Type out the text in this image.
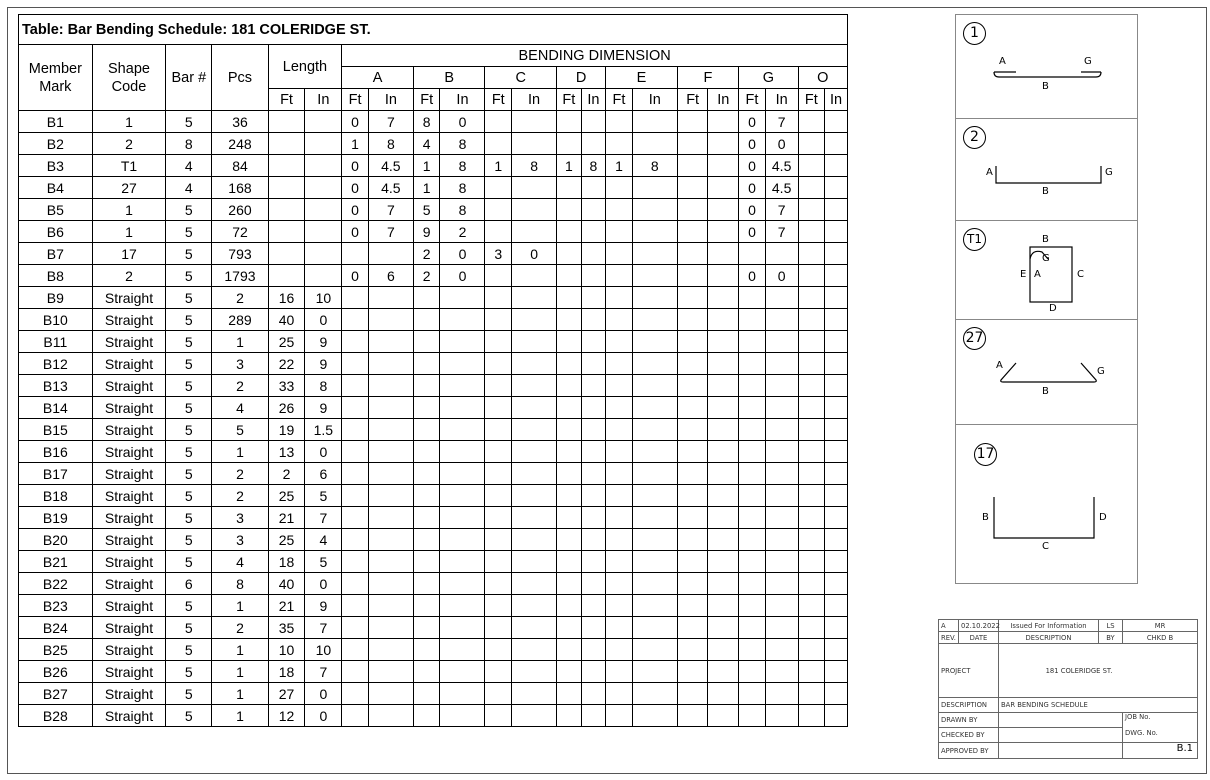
Table: Bar Bending Schedule: 181 COLERIDGE ST.																					
Member Mark	Shape Code	Bar #	Pcs	Length		BENDING DIMENSION															
						A		B		C		D		E		F		G		O	
				Ft	In	Ft	In	Ft	In	Ft	In	Ft	In	Ft	In	Ft	In	Ft	In	Ft	In
B1	1	5	36			0	7	8	0									0	7		
B2	2	8	248			1	8	4	8									0	0		
B3	T1	4	84			0	4.5	1	8	1	8	1	8	1	8			0	4.5		
B4	27	4	168			0	4.5	1	8									0	4.5		
B5	1	5	260			0	7	5	8									0	7		
B6	1	5	72			0	7	9	2									0	7		
B7	17	5	793					2	0	3	0										
B8	2	5	1793			0	6	2	0									0	0		
B9	Straight	5	2	16	10																
B10	Straight	5	289	40	0																
B11	Straight	5	1	25	9																
B12	Straight	5	3	22	9																
B13	Straight	5	2	33	8																
B14	Straight	5	4	26	9																
B15	Straight	5	5	19	1.5																
B16	Straight	5	1	13	0																
B17	Straight	5	2	2	6																
B18	Straight	5	2	25	5																
B19	Straight	5	3	21	7																
B20	Straight	5	3	25	4																
B21	Straight	5	4	18	5																
B22	Straight	6	8	40	0																
B23	Straight	5	1	21	9																
B24	Straight	5	2	35	7																
B25	Straight	5	1	10	10																
B26	Straight	5	1	18	7																
B27	Straight	5	1	27	0																
B28	Straight	5	1	12	0																
1
A
B
G
2
A
B
G
T1	B
G
A
E	C
D
27
A
B
G
17
B
C
D
A	02.10.2022	Issued For Information	LS	MR
REV.	DATE	DESCRIPTION	BY	CHKD B
PROJECT		181 COLERIDGE ST.		
DESCRIPTION		BAR BENDING SCHEDULE		
DRAWN BY				JOB No.
CHECKED BY				
APPROVED BY				DWG. No.
B.1
